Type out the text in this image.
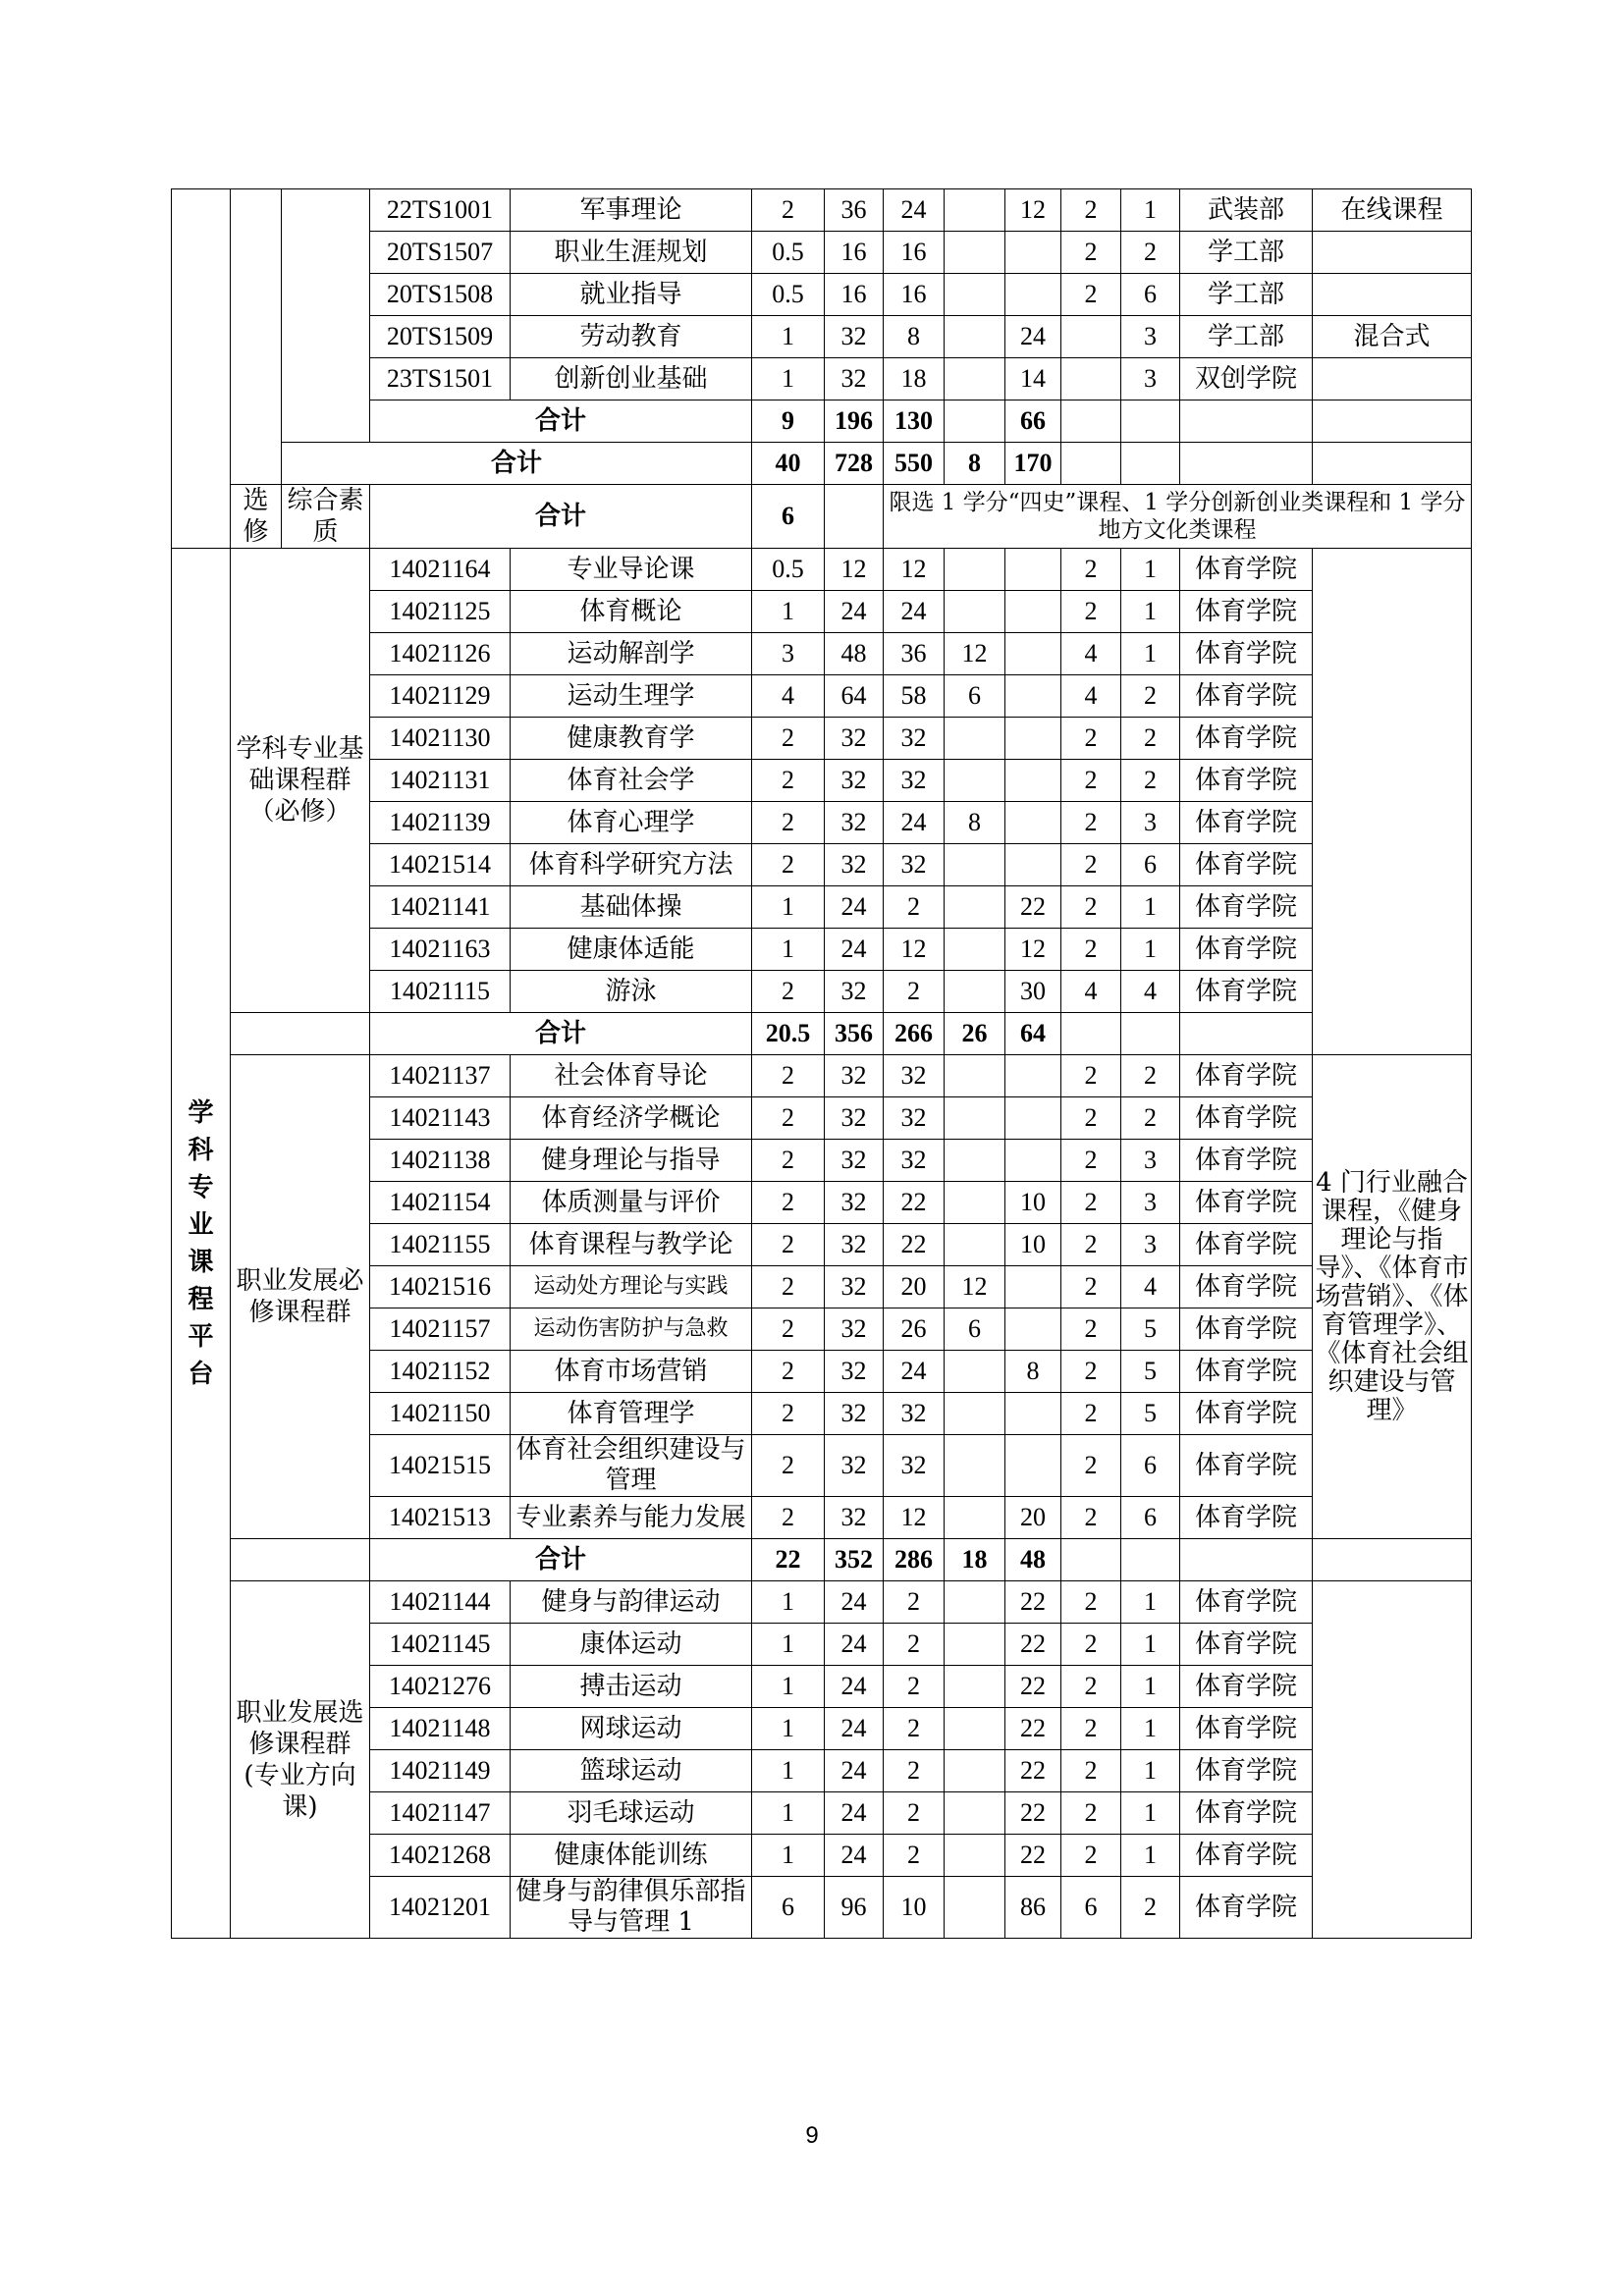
			22TS1001	军事理论	2	36	24		12	2	1	武装部	在线课程	
			20TS1507	职业生涯规划	0.5	16	16			2	2	学工部		
			20TS1508	就业指导	0.5	16	16			2	6	学工部		
			20TS1509	劳动教育	1	32	8		24		3	学工部	混合式	
			23TS1501	创新创业基础	1	32	18		14		3	双创学院		
			合计		9	196	130		66					
		合计			40	728	550	8	170					
	选修	综合素质	合计		6		限选 1 学分“四史”课程、1 学分创新创业类课程和 1 学分地方文化类课程							
学科专业课程平台	学科专业基础课程群（必修）		14021164	专业导论课	0.5	12	12			2	1	体育学院		
			14021125	体育概论	1	24	24			2	1	体育学院		
			14021126	运动解剖学	3	48	36	12		4	1	体育学院		
			14021129	运动生理学	4	64	58	6		4	2	体育学院		
			14021130	健康教育学	2	32	32			2	2	体育学院		
			14021131	体育社会学	2	32	32			2	2	体育学院		
			14021139	体育心理学	2	32	24	8		2	3	体育学院		
			14021514	体育科学研究方法	2	32	32			2	6	体育学院		
			14021141	基础体操	1	24	2		22	2	1	体育学院		
			14021163	健康体适能	1	24	12		12	2	1	体育学院		
			14021115	游泳	2	32	2		30	4	4	体育学院		
			合计		20.5	356	266	26	64					
	职业发展必修课程群		14021137	社会体育导论	2	32	32			2	2	体育学院	4 门行业融合课程，《健身理论与指导》、《体育市场营销》、《体育管理学》、《体育社会组织建设与管理》	
			14021143	体育经济学概论	2	32	32			2	2	体育学院		
			14021138	健身理论与指导	2	32	32			2	3	体育学院		
			14021154	体质测量与评价	2	32	22		10	2	3	体育学院		
			14021155	体育课程与教学论	2	32	22		10	2	3	体育学院		
			14021516	运动处方理论与实践	2	32	20	12		2	4	体育学院		
			14021157	运动伤害防护与急救	2	32	26	6		2	5	体育学院		
			14021152	体育市场营销	2	32	24		8	2	5	体育学院		
			14021150	体育管理学	2	32	32			2	5	体育学院		
			14021515	体育社会组织建设与管理	2	32	32			2	6	体育学院		
			14021513	专业素养与能力发展	2	32	12		20	2	6	体育学院		
			合计		22	352	286	18	48					
	职业发展选修课程群(专业方向课)		14021144	健身与韵律运动	1	24	2		22	2	1	体育学院		
			14021145	康体运动	1	24	2		22	2	1	体育学院		
			14021276	搏击运动	1	24	2		22	2	1	体育学院		
			14021148	网球运动	1	24	2		22	2	1	体育学院		
			14021149	篮球运动	1	24	2		22	2	1	体育学院		
			14021147	羽毛球运动	1	24	2		22	2	1	体育学院		
			14021268	健康体能训练	1	24	2		22	2	1	体育学院		
			14021201	健身与韵律俱乐部指导与管理 1	6	96	10		86	6	2	体育学院		
9
